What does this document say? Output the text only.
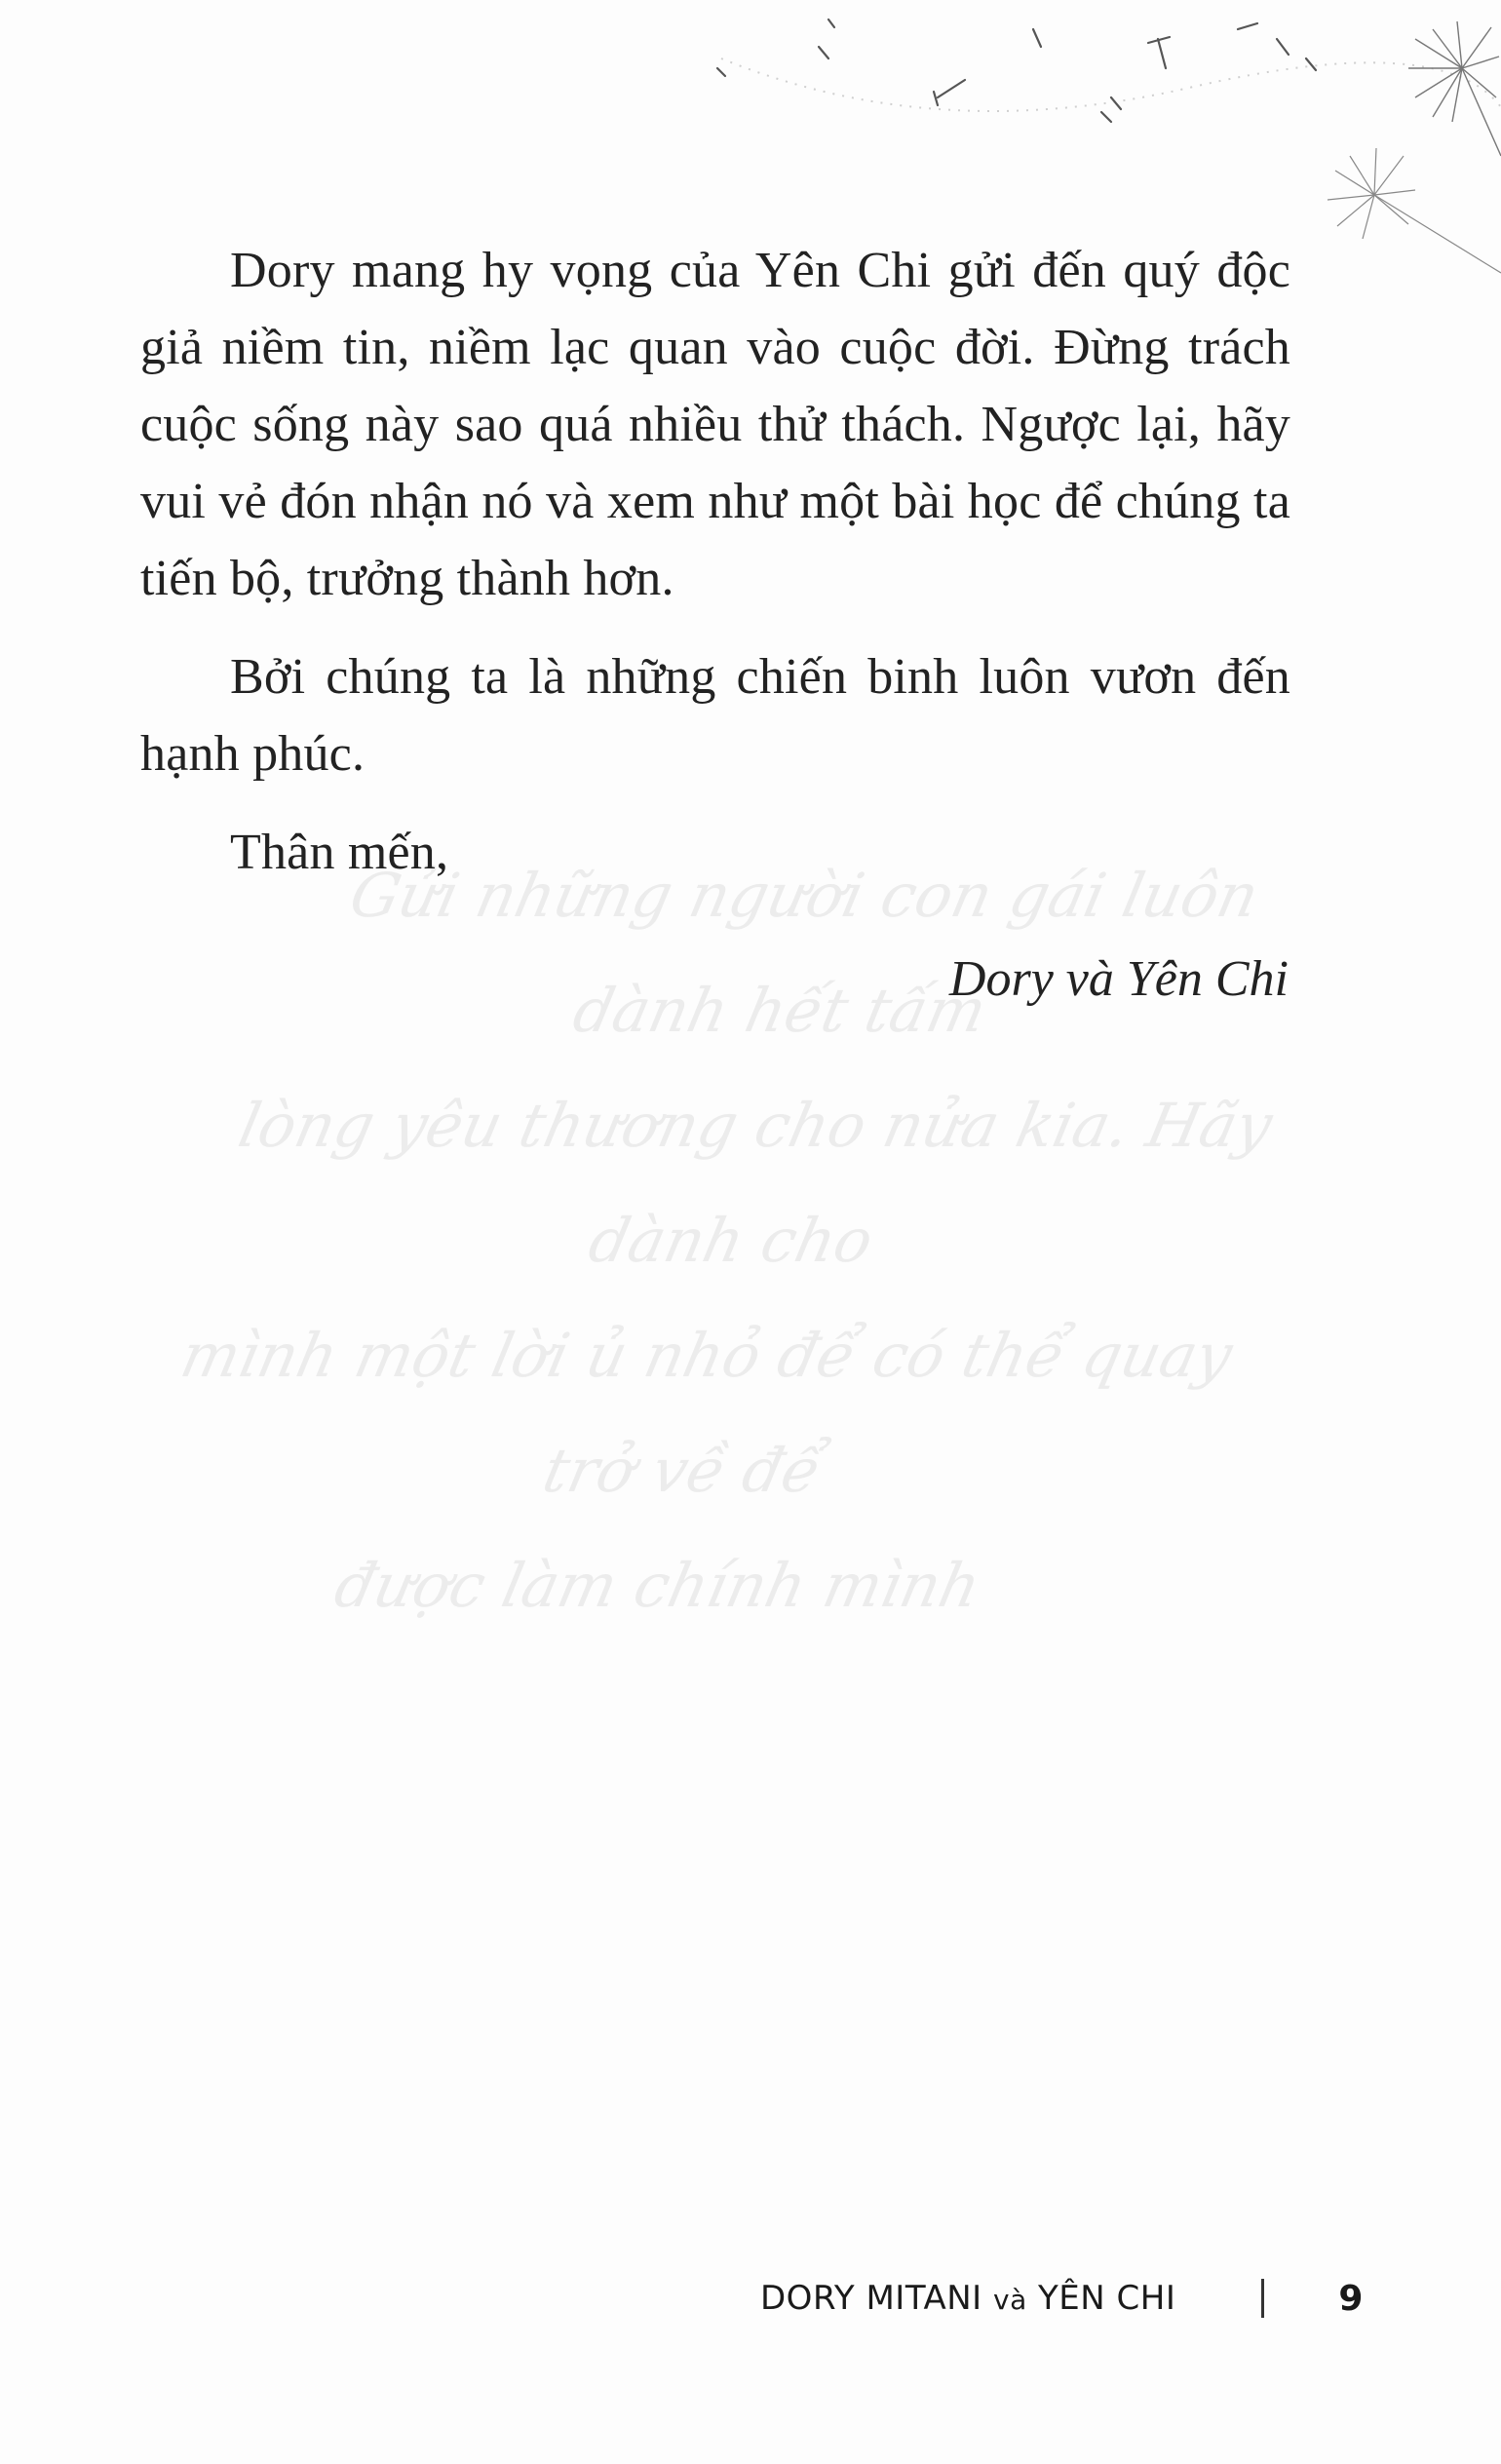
Gửi những người con gái luôn dành hết tấm
lòng yêu thương cho nửa kia. Hãy dành cho
mình một lời ủ nhỏ để có thể quay trở về để
được làm chính mình

Dory mang hy vọng của Yên Chi gửi đến quý độc giả niềm tin, niềm lạc quan vào cuộc đời. Đừng trách cuộc sống này sao quá nhiều thử thách. Ngược lại, hãy vui vẻ đón nhận nó và xem như một bài học để chúng ta tiến bộ, trưởng thành hơn.

Bởi chúng ta là những chiến binh luôn vươn đến hạnh phúc.

Thân mến,

Dory và Yên Chi
DORY MITANI và YÊN CHI	9
